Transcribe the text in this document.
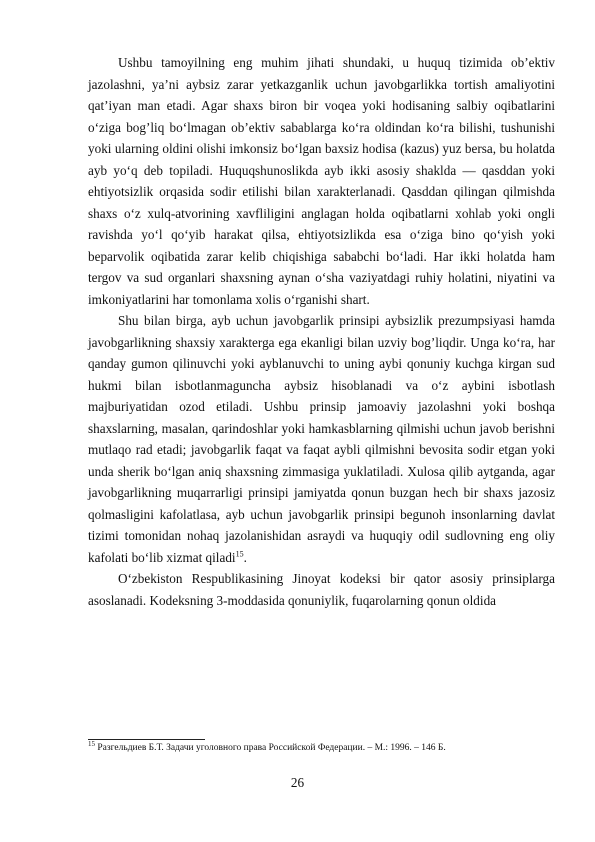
Ushbu tamoyilning eng muhim jihati shundaki, u huquq tizimida ob’ektiv jazolashni, ya’ni aybsiz zarar yetkazganlik uchun javobgarlikka tortish amaliyotini qat’iyan man etadi. Agar shaxs biron bir voqea yoki hodisaning salbiy oqibatlarini o‘ziga bog’liq bo‘lmagan ob’ektiv sabablarga ko‘ra oldindan ko‘ra bilishi, tushunishi yoki ularning oldini olishi imkonsiz bo‘lgan baxsiz hodisa (kazus) yuz bersa, bu holatda ayb yo‘q deb topiladi. Huquqshunoslikda ayb ikki asosiy shaklda — qasddan yoki ehtiyotsizlik orqasida sodir etilishi bilan xarakterlanadi. Qasddan qilingan qilmishda shaxs o‘z xulq-atvorining xavfliligini anglagan holda oqibatlarni xohlab yoki ongli ravishda yo‘l qo‘yib harakat qilsa, ehtiyotsizlikda esa o‘ziga bino qo‘yish yoki beparvolik oqibatida zarar kelib chiqishiga sababchi bo‘ladi. Har ikki holatda ham tergov va sud organlari shaxsning aynan o‘sha vaziyatdagi ruhiy holatini, niyatini va imkoniyatlarini har tomonlama xolis o‘rganishi shart.

Shu bilan birga, ayb uchun javobgarlik prinsipi aybsizlik prezumpsiyasi hamda javobgarlikning shaxsiy xarakterga ega ekanligi bilan uzviy bog’liqdir. Unga ko‘ra, har qanday gumon qilinuvchi yoki ayblanuvchi to uning aybi qonuniy kuchga kirgan sud hukmi bilan isbotlanmaguncha aybsiz hisoblanadi va o‘z aybini isbotlash majburiyatidan ozod etiladi. Ushbu prinsip jamoaviy jazolashni yoki boshqa shaxslarning, masalan, qarindoshlar yoki hamkasblarning qilmishi uchun javob berishni mutlaqo rad etadi; javobgarlik faqat va faqat aybli qilmishni bevosita sodir etgan yoki unda sherik bo‘lgan aniq shaxsning zimmasiga yuklatiladi. Xulosa qilib aytganda, agar javobgarlikning muqarrarligi prinsipi jamiyatda qonun buzgan hech bir shaxs jazosiz qolmasligini kafolatlasa, ayb uchun javobgarlik prinsipi begunoh insonlarning davlat tizimi tomonidan nohaq jazolanishidan asraydi va huquqiy odil sudlovning eng oliy kafolati bo‘lib xizmat qiladi$^{15}$.

O‘zbekiston Respublikasining Jinoyat kodeksi bir qator asosiy prinsiplarga asoslanadi. Kodeksning 3-moddasida qonuniylik, fuqarolarning qonun oldida

$^{15}$ Разгельдиев Б.Т. Задачи уголовного права Российской Федерации. – М.: 1996. – 146 Б.
26
